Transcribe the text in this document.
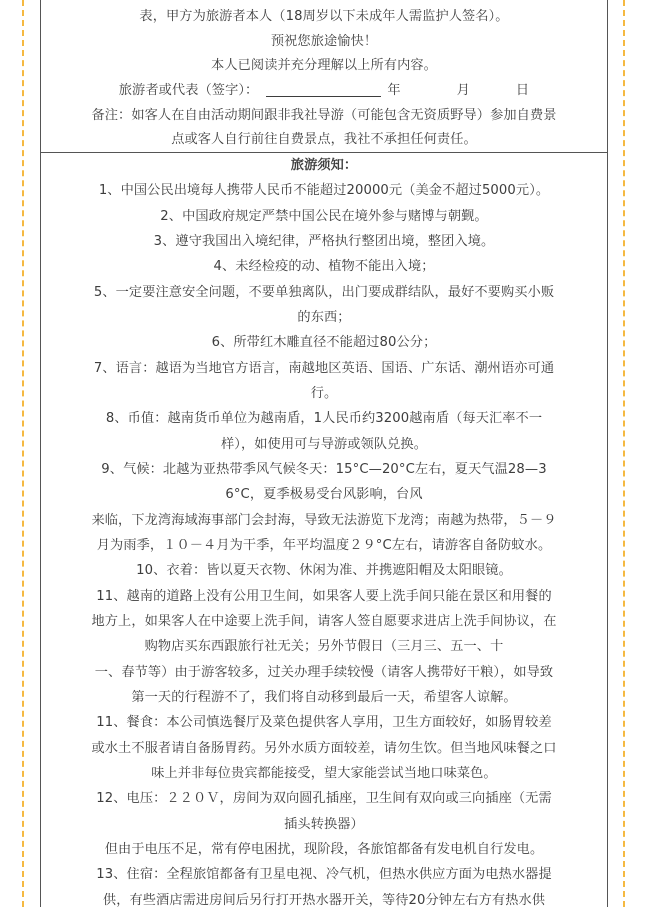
表，甲方为旅游者本人（18周岁以下未成年人需监护人签名）。
预祝您旅途愉快！
本人已阅读并充分理解以上所有内容。
旅游者或代表（签字）：	年	月	日
备注：如客人在自由活动期间跟非我社导游（可能包含无资质野导）参加自费景
点或客人自行前往自费景点，我社不承担任何责任。
旅游须知：
1、中国公民出境每人携带人民币不能超过20000元（美金不超过5000元）。
2、中国政府规定严禁中国公民在境外参与赌博与朝觐。
3、遵守我国出入境纪律，严格执行整团出境，整团入境。
4、未经检疫的动、植物不能出入境；
5、一定要注意安全问题，不要单独离队，出门要成群结队，最好不要购买小贩
的东西；
6、所带红木雕直径不能超过80公分；
7、语言：越语为当地官方语言，南越地区英语、国语、广东话、潮州语亦可通
行。
8、币值：越南货币单位为越南盾，1人民币约3200越南盾（每天汇率不一
样），如使用可与导游或领队兑换。
9、气候：北越为亚热带季风气候冬天：15°C—20°C左右，夏天气温28—3
6°C，夏季极易受台风影响，台风
来临，下龙湾海域海事部门会封海，导致无法游览下龙湾；南越为热带，５－９
月为雨季，１０－４月为干季，年平均温度２９°C左右，请游客自备防蚊水。
10、衣着：皆以夏天衣物、休闲为准、并携遮阳帽及太阳眼镜。
11、越南的道路上没有公用卫生间，如果客人要上洗手间只能在景区和用餐的
地方上，如果客人在中途要上洗手间，请客人签自愿要求进店上洗手间协议，在
购物店买东西跟旅行社无关；另外节假日（三月三、五一、十
一、春节等）由于游客较多，过关办理手续较慢（请客人携带好干粮），如导致
第一天的行程游不了，我们将自动移到最后一天，希望客人谅解。
11、餐食：本公司慎选餐厅及菜色提供客人享用，卫生方面较好，如肠胃较差
或水土不服者请自备肠胃药。另外水质方面较差，请勿生饮。但当地风味餐之口
味上并非每位贵宾都能接受，望大家能尝试当地口味菜色。
12、电压：２２０Ｖ，房间为双向圆孔插座，卫生间有双向或三向插座（无需
插头转换器）
但由于电压不足，常有停电困扰，现阶段，各旅馆都备有发电机自行发电。
13、住宿：全程旅馆都备有卫星电视、冷气机，但热水供应方面为电热水器提
供，有些酒店需进房间后另行打开热水器开关，等待20分钟左右方有热水供
